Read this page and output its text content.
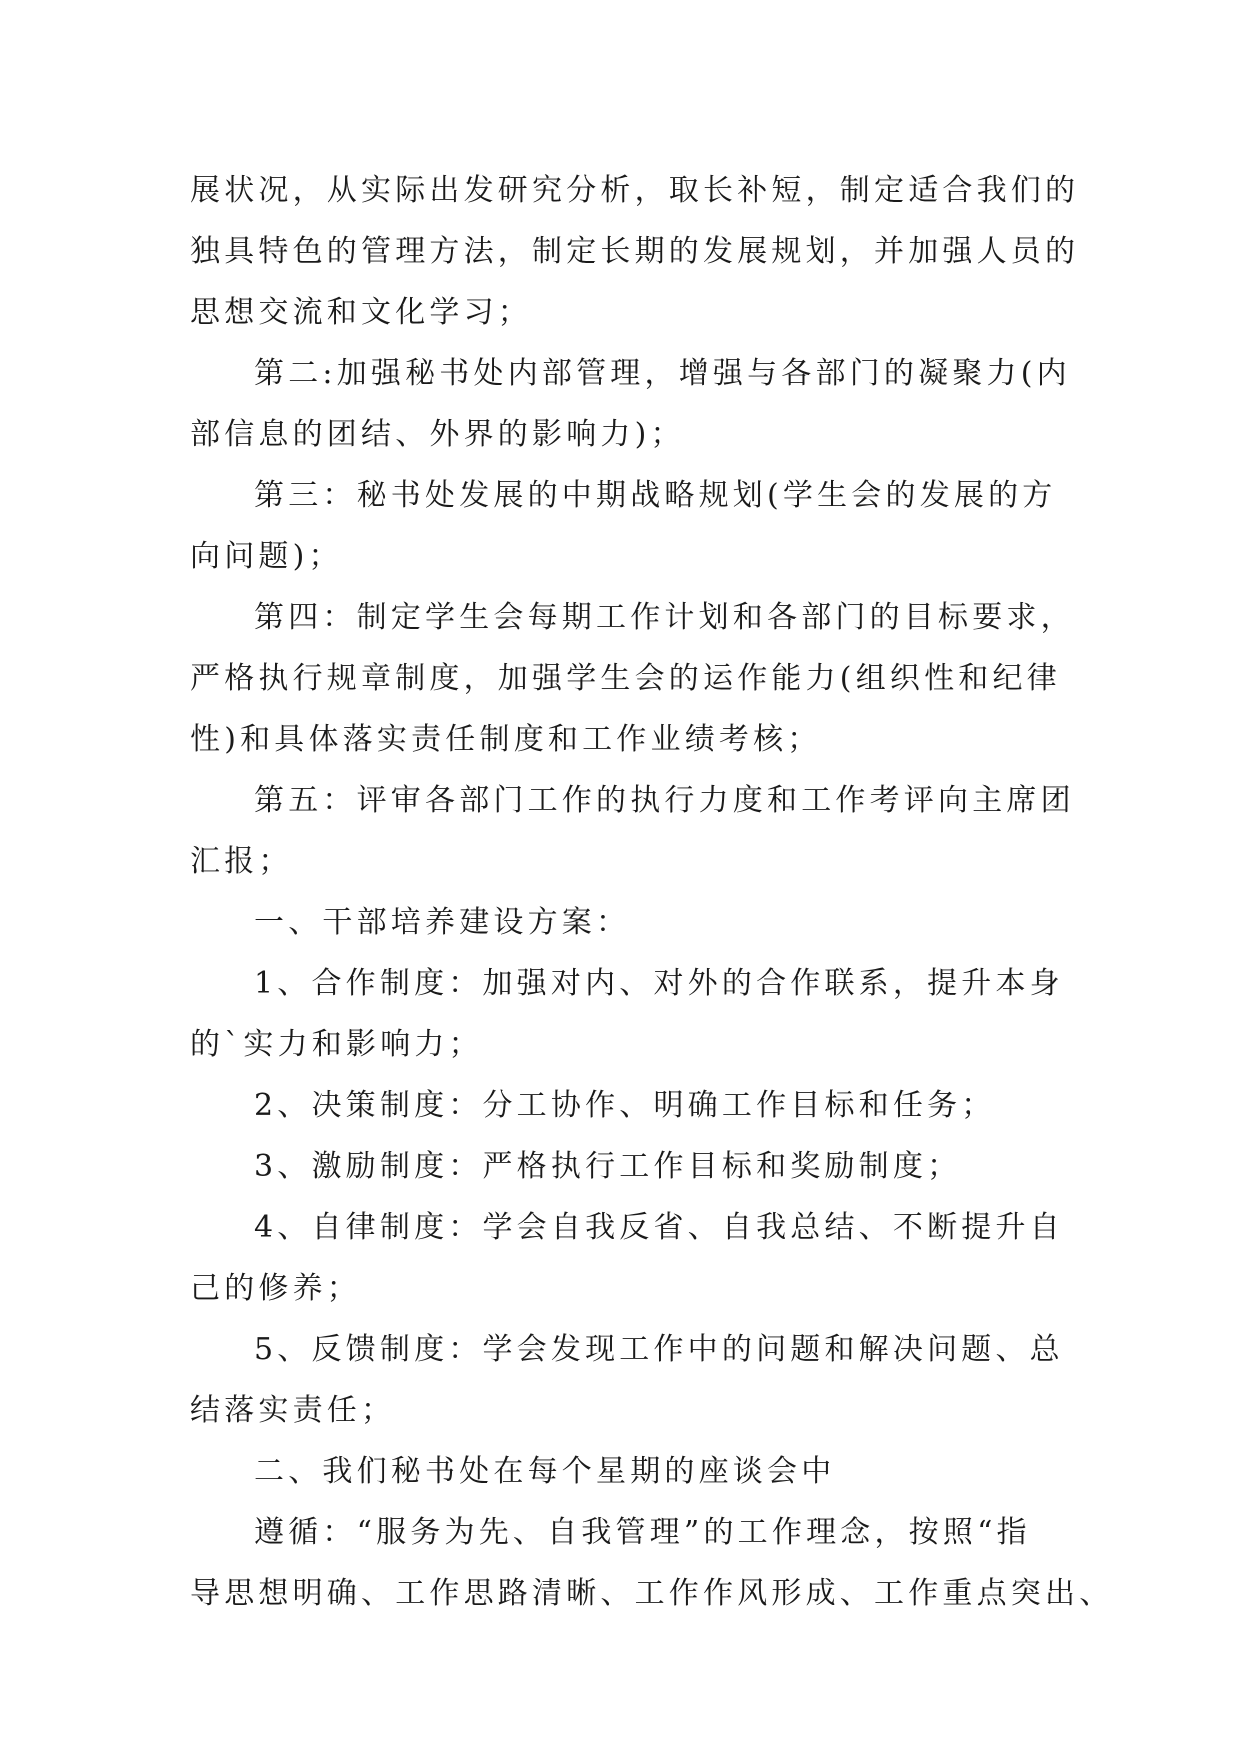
展状况，从实际出发研究分析，取长补短，制定适合我们的
独具特色的管理方法，制定长期的发展规划，并加强人员的
思想交流和文化学习；
第二:加强秘书处内部管理，增强与各部门的凝聚力(内
部信息的团结、外界的影响力)；
第三：秘书处发展的中期战略规划(学生会的发展的方
向问题)；
第四：制定学生会每期工作计划和各部门的目标要求，
严格执行规章制度，加强学生会的运作能力(组织性和纪律
性)和具体落实责任制度和工作业绩考核；
第五：评审各部门工作的执行力度和工作考评向主席团
汇报；
一、干部培养建设方案：
1、合作制度：加强对内、对外的合作联系，提升本身
的`实力和影响力；
2、决策制度：分工协作、明确工作目标和任务；
3、激励制度：严格执行工作目标和奖励制度；
4、自律制度：学会自我反省、自我总结、不断提升自
己的修养；
5、反馈制度：学会发现工作中的问题和解决问题、总
结落实责任；
二、我们秘书处在每个星期的座谈会中
遵循：“服务为先、自我管理”的工作理念，按照“指
导思想明确、工作思路清晰、工作作风形成、工作重点突出、
